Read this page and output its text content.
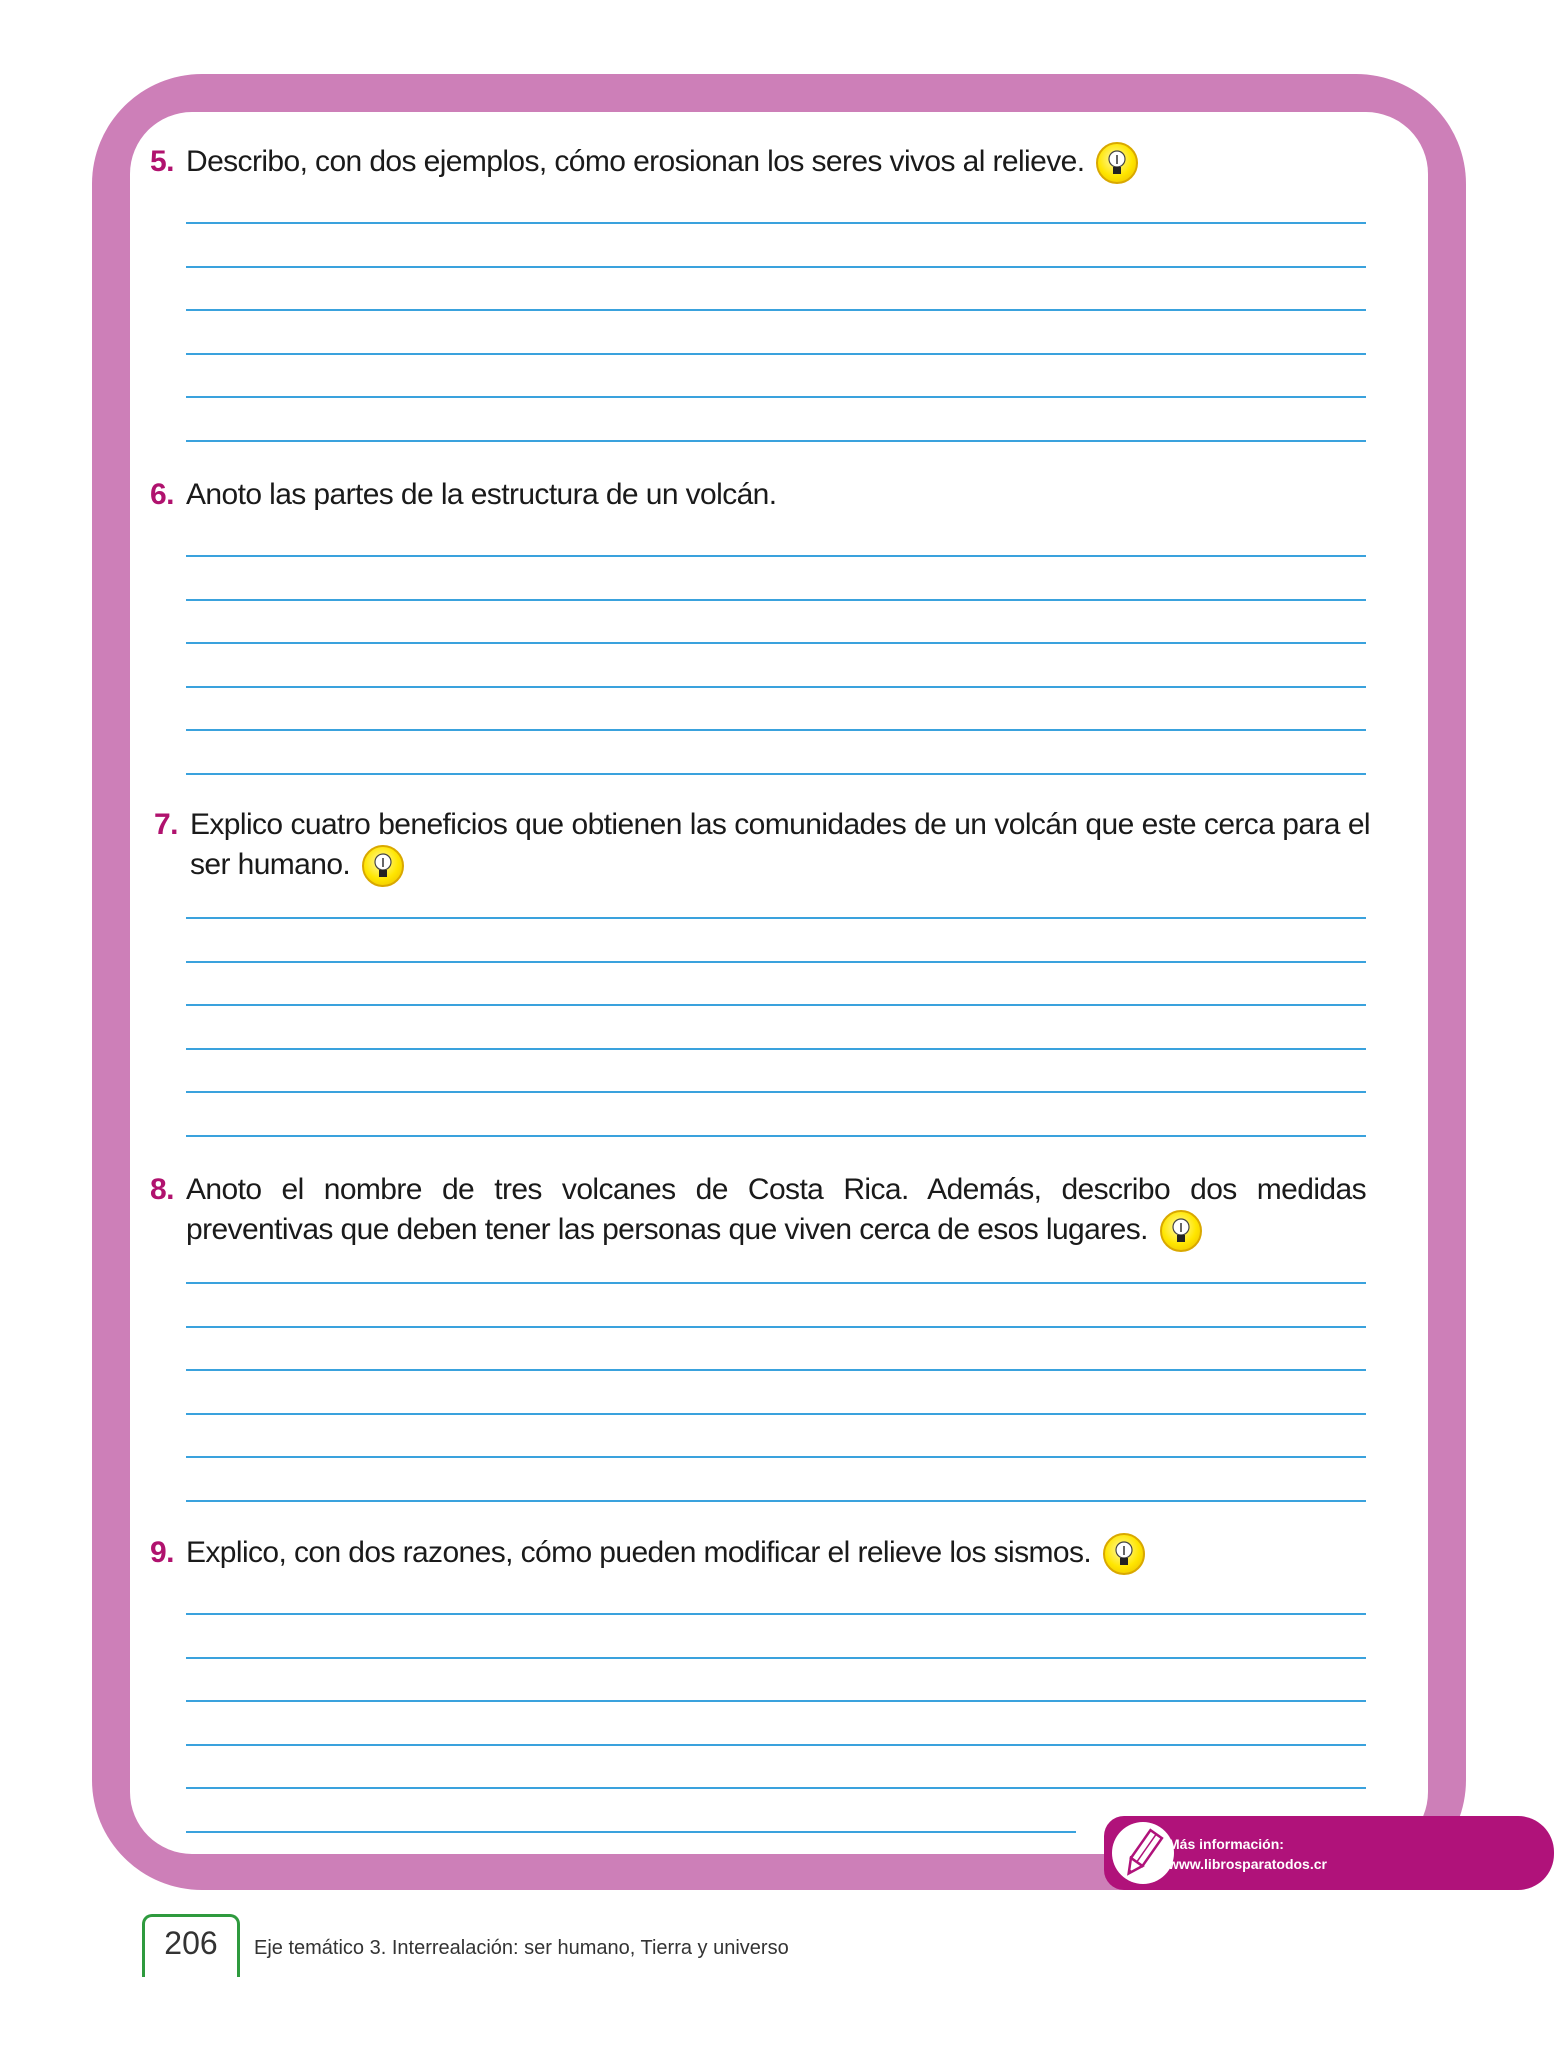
5. Describo, con dos ejemplos, cómo erosionan los seres vivos al relieve.
6. Anoto las partes de la estructura de un volcán.
7. Explico cuatro beneficios que obtienen las comunidades de un volcán que este cerca para el ser humano.
8. Anoto el nombre de tres volcanes de Costa Rica. Además, describo dos medidas preventivas que deben tener las personas que viven cerca de esos lugares.
9. Explico, con dos razones, cómo pueden modificar el relieve los sismos.
Más información:
www.librosparatodos.cr
206	Eje temático 3. Interrealación: ser humano, Tierra y universo
